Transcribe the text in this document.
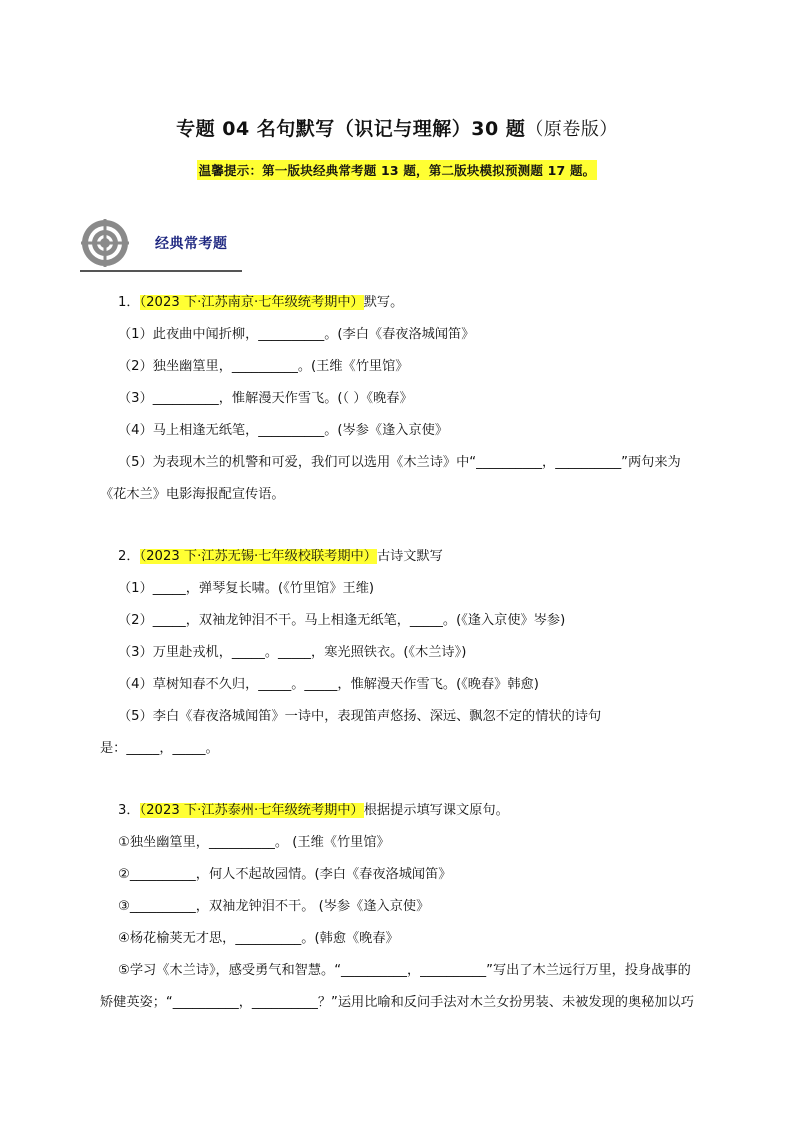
专题 04 名句默写（识记与理解）30 题（原卷版）
温馨提示：第一版块经典常考题 13 题，第二版块模拟预测题 17 题。
经典常考题
1．（2023 下·江苏南京·七年级统考期中）默写。
（1）此夜曲中闻折柳，__________。(李白《春夜洛城闻笛》
（2）独坐幽篁里，__________。(王维《竹里馆》
（3）__________，惟解漫天作雪飞。(（ ）《晚春》
（4）马上相逢无纸笔，__________。(岑参《逢入京使》
（5）为表现木兰的机警和可爱，我们可以选用《木兰诗》中“__________，__________”两句来为
《花木兰》电影海报配宣传语。
2．（2023 下·江苏无锡·七年级校联考期中）古诗文默写
（1）_____，弹琴复长啸。(《竹里馆》王维)
（2）_____，双袖龙钟泪不干。马上相逢无纸笔，_____。(《逢入京使》岑参)
（3）万里赴戎机，_____。_____，寒光照铁衣。(《木兰诗》)
（4）草树知春不久归，_____。_____，惟解漫天作雪飞。(《晚春》韩愈)
（5）李白《春夜洛城闻笛》一诗中，表现笛声悠扬、深远、飘忽不定的情状的诗句
是：_____，_____。
3．（2023 下·江苏泰州·七年级统考期中）根据提示填写课文原句。
①独坐幽篁里，__________。 (王维《竹里馆》
②__________，何人不起故园情。(李白《春夜洛城闻笛》
③__________，双袖龙钟泪不干。 (岑参《逢入京使》
④杨花榆荚无才思，__________。(韩愈《晚春》
⑤学习《木兰诗》，感受勇气和智慧。“__________，__________”写出了木兰远行万里，投身战事的
矫健英姿；“__________，__________？”运用比喻和反问手法对木兰女扮男装、未被发现的奥秘加以巧
